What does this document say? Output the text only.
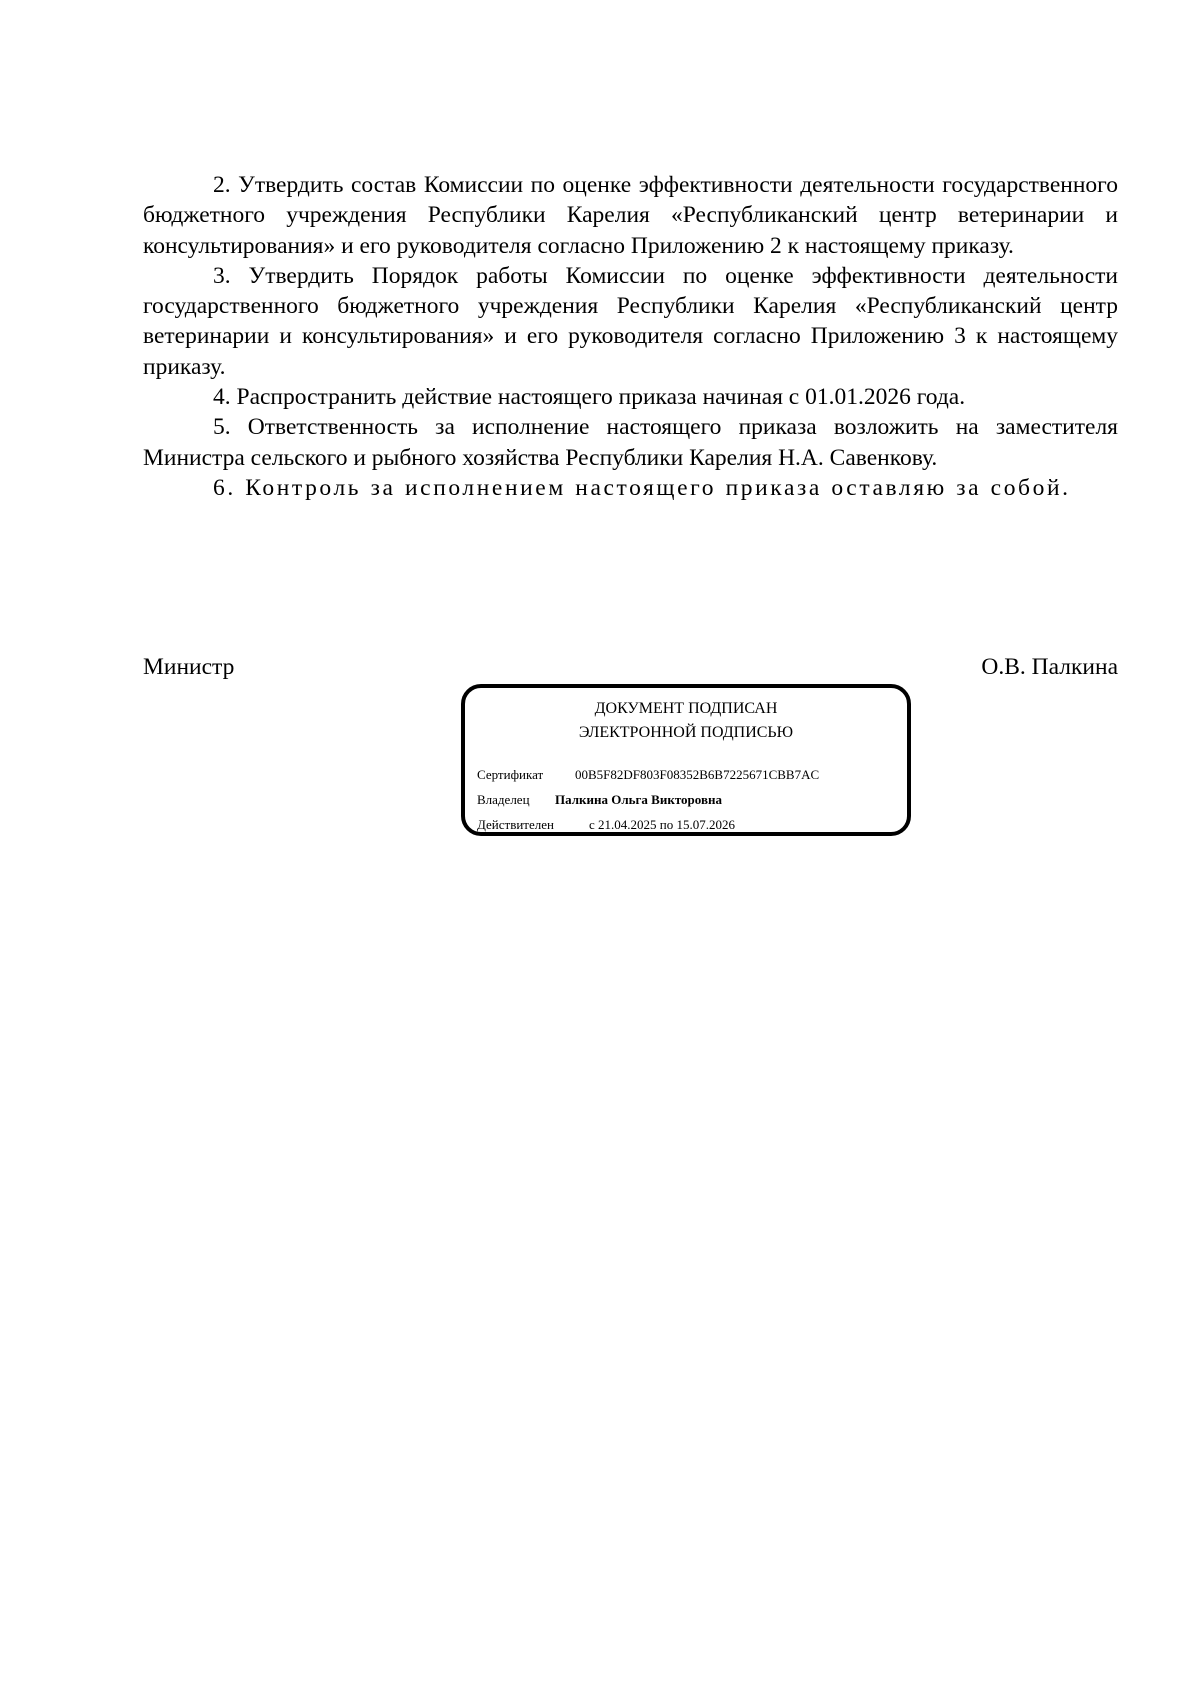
2. Утвердить состав Комиссии по оценке эффективности деятельности государственного бюджетного учреждения Республики Карелия «Республиканский центр ветеринарии и консультирования» и его руководителя согласно Приложению 2 к настоящему приказу.

3. Утвердить Порядок работы Комиссии по оценке эффективности деятельности государственного бюджетного учреждения Республики Карелия «Республиканский центр ветеринарии и консультирования» и его руководителя согласно Приложению 3 к настоящему приказу.

4. Распространить действие настоящего приказа начиная с 01.01.2026 года.

5. Ответственность за исполнение настоящего приказа возложить на заместителя Министра сельского и рыбного хозяйства Республики Карелия Н.А. Савенкову.

6. Контроль за исполнением настоящего приказа оставляю за собой.

Министр	О.В. Палкина
ДОКУМЕНТ ПОДПИСАН
ЭЛЕКТРОННОЙ ПОДПИСЬЮ
Сертификат 00B5F82DF803F08352B6B7225671CBB7AC
Владелец Палкина Ольга Викторовна
Действителен	с 21.04.2025 по 15.07.2026
